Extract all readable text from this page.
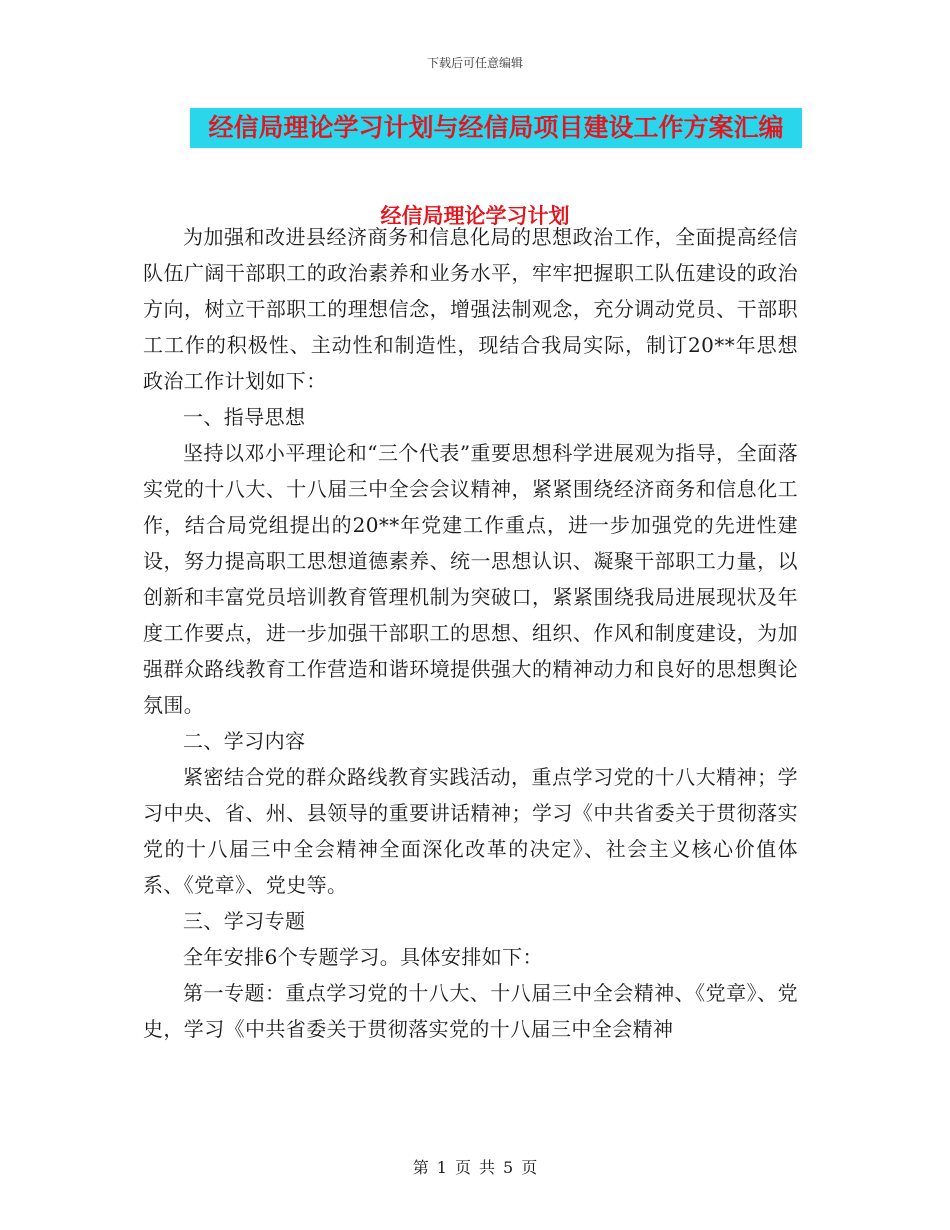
下载后可任意编辑
经信局理论学习计划与经信局项目建设工作方案汇编
经信局理论学习计划

为加强和改进县经济商务和信息化局的思想政治工作，全面提高经信队伍广阔干部职工的政治素养和业务水平，牢牢把握职工队伍建设的政治方向，树立干部职工的理想信念，增强法制观念，充分调动党员、干部职工工作的积极性、主动性和制造性，现结合我局实际，制订20**年思想政治工作计划如下：

一、指导思想

坚持以邓小平理论和“三个代表”重要思想科学进展观为指导，全面落实党的十八大、十八届三中全会会议精神，紧紧围绕经济商务和信息化工作，结合局党组提出的20**年党建工作重点，进一步加强党的先进性建设，努力提高职工思想道德素养、统一思想认识、凝聚干部职工力量，以创新和丰富党员培训教育管理机制为突破口，紧紧围绕我局进展现状及年度工作要点，进一步加强干部职工的思想、组织、作风和制度建设，为加强群众路线教育工作营造和谐环境提供强大的精神动力和良好的思想舆论氛围。

二、学习内容

紧密结合党的群众路线教育实践活动，重点学习党的十八大精神；学习中央、省、州、县领导的重要讲话精神；学习《中共省委关于贯彻落实党的十八届三中全会精神全面深化改革的决定》、社会主义核心价值体系、《党章》、党史等。

三、学习专题

全年安排6个专题学习。具体安排如下：

第一专题：重点学习党的十八大、十八届三中全会精神、《党章》、党史，学习《中共省委关于贯彻落实党的十八届三中全会精神

第 1 页 共 5 页
